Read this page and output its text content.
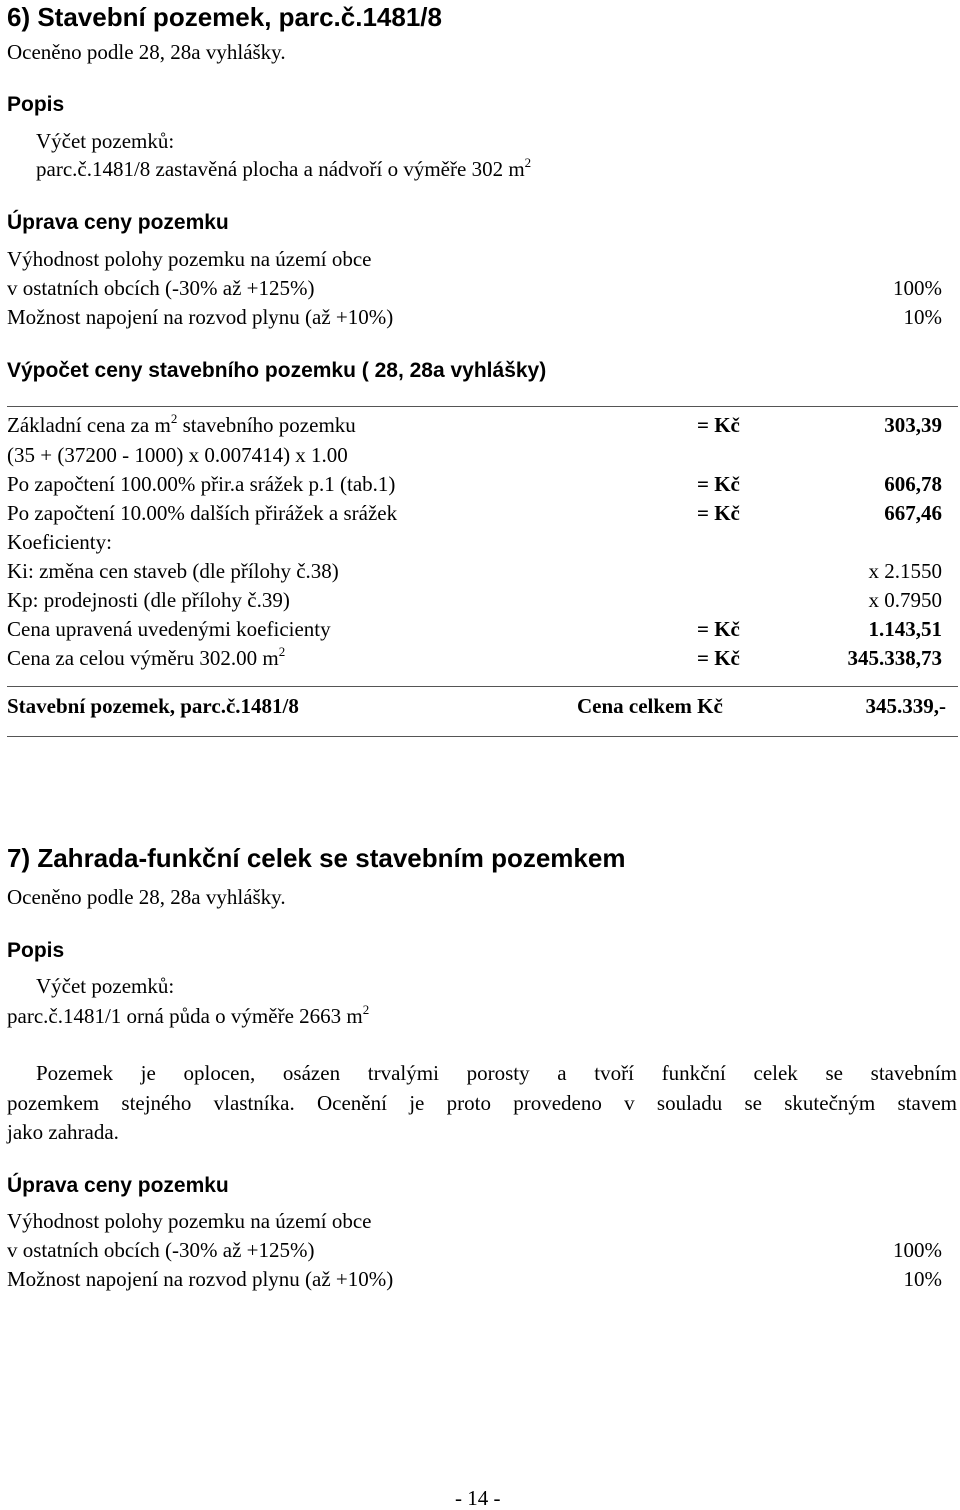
6) Stavební pozemek, parc.č.1481/8
Oceněno podle 28, 28a vyhlášky.
Popis
Výčet pozemků:
parc.č.1481/8 zastavěná plocha a nádvoří o výměře 302 $m^2$
Úprava ceny pozemku
Výhodnost polohy pozemku na území obce
v ostatních obcích (-30% až +125%)	100%
Možnost napojení na rozvod plynu (až +10%)	10%
Výpočet ceny stavebního pozemku ( 28, 28a vyhlášky)
Základní cena za $m^2$ stavebního pozemku	= Kč	303,39
(35 + (37200 - 1000) x 0.007414) x 1.00
Po započtení 100.00% přir.a srážek p.1 (tab.1)	= Kč	606,78
Po započtení 10.00% dalších přirážek a srážek	= Kč	667,46
Koeficienty:
Ki: změna cen staveb (dle přílohy č.38)	x 2.1550
Kp: prodejnosti (dle přílohy č.39)	x 0.7950
Cena upravená uvedenými koeficienty	= Kč	1.143,51
Cena za celou výměru 302.00 $m^2$	= Kč	345.338,73
Stavební pozemek, parc.č.1481/8	Cena celkem Kč	345.339,-
7) Zahrada-funkční celek se stavebním pozemkem
Oceněno podle 28, 28a vyhlášky.
Popis
Výčet pozemků:
parc.č.1481/1 orná půda o výměře 2663 $m^2$
Pozemek je oplocen, osázen trvalými porosty a tvoří funkční celek se stavebním
pozemkem stejného vlastníka. Ocenění je proto provedeno v souladu se skutečným stavem
jako zahrada.
Úprava ceny pozemku
Výhodnost polohy pozemku na území obce
v ostatních obcích (-30% až +125%)	100%
Možnost napojení na rozvod plynu (až +10%)	10%
- 14 -
